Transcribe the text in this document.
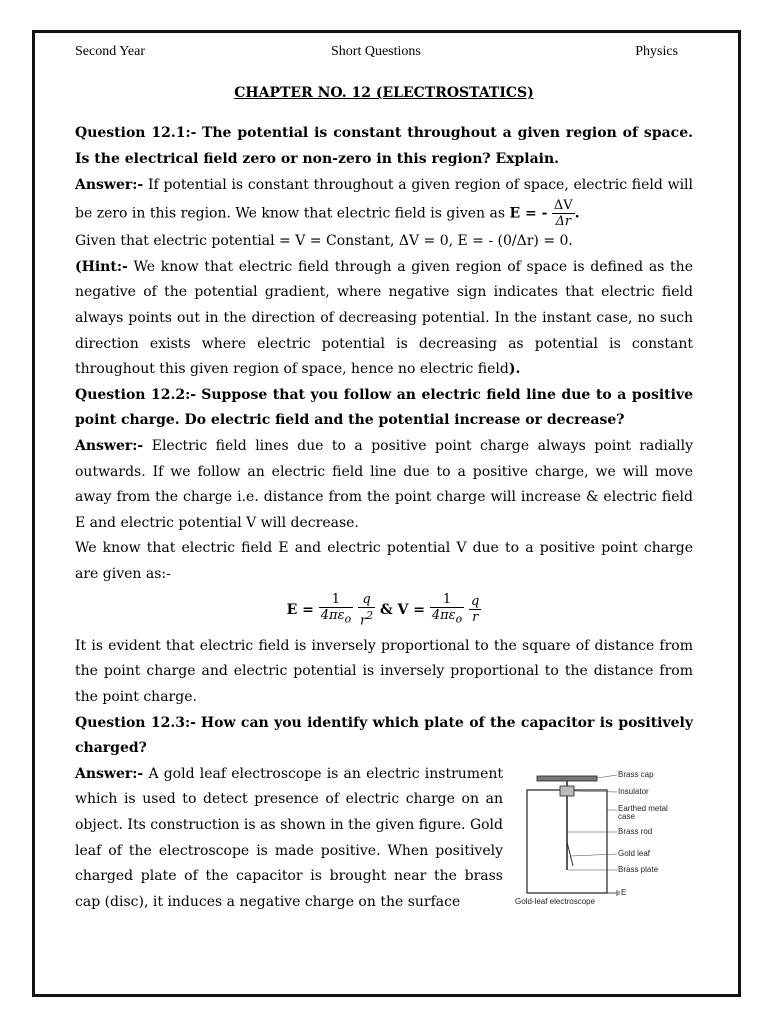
Second Year	Short Questions	Physics
CHAPTER NO. 12 (ELECTROSTATICS)

Question 12.1:- The potential is constant throughout a given region of space. Is the electrical field zero or non-zero in this region? Explain.

Answer:- If potential is constant throughout a given region of space, electric field will be zero in this region. We know that electric field is given as E = - $\frac{\Delta V}{\Delta r}$ .

Given that electric potential = V = Constant, ΔV = 0, E = - (0/Δr) = 0.

(Hint:- We know that electric field through a given region of space is defined as the negative of the potential gradient, where negative sign indicates that electric field always points out in the direction of decreasing potential. In the instant case, no such direction exists where electric potential is decreasing as potential is constant throughout this given region of space, hence no electric field).

Question 12.2:- Suppose that you follow an electric field line due to a positive point charge. Do electric field and the potential increase or decrease?

Answer:- Electric field lines due to a positive point charge always point radially outwards. If we follow an electric field line due to a positive charge, we will move away from the charge i.e. distance from the point charge will increase & electric field E and electric potential V will decrease.

We know that electric field E and electric potential V due to a positive point charge are given as:-

$E = \frac{1}{4\pi\varepsilon_o}$
$\frac{q}{r^2}$ & $V = \frac{1}{4\pi\varepsilon_o}$
$\frac{q}{r}$

It is evident that electric field is inversely proportional to the square of distance from the point charge and electric potential is inversely proportional to the distance from the point charge.

Question 12.3:- How can you identify which plate of the capacitor is positively charged?

Brass cap
Insulator
Earthed metal
case
Brass rod
Gold leaf
Brass plate
E
Gold-leaf electroscope

Answer:- A gold leaf electroscope is an electric instrument which is used to detect presence of electric charge on an object. Its construction is as shown in the given figure. Gold leaf of the electroscope is made positive. When positively charged plate of the capacitor is brought near the brass cap (disc), it induces a negative charge on the surface
